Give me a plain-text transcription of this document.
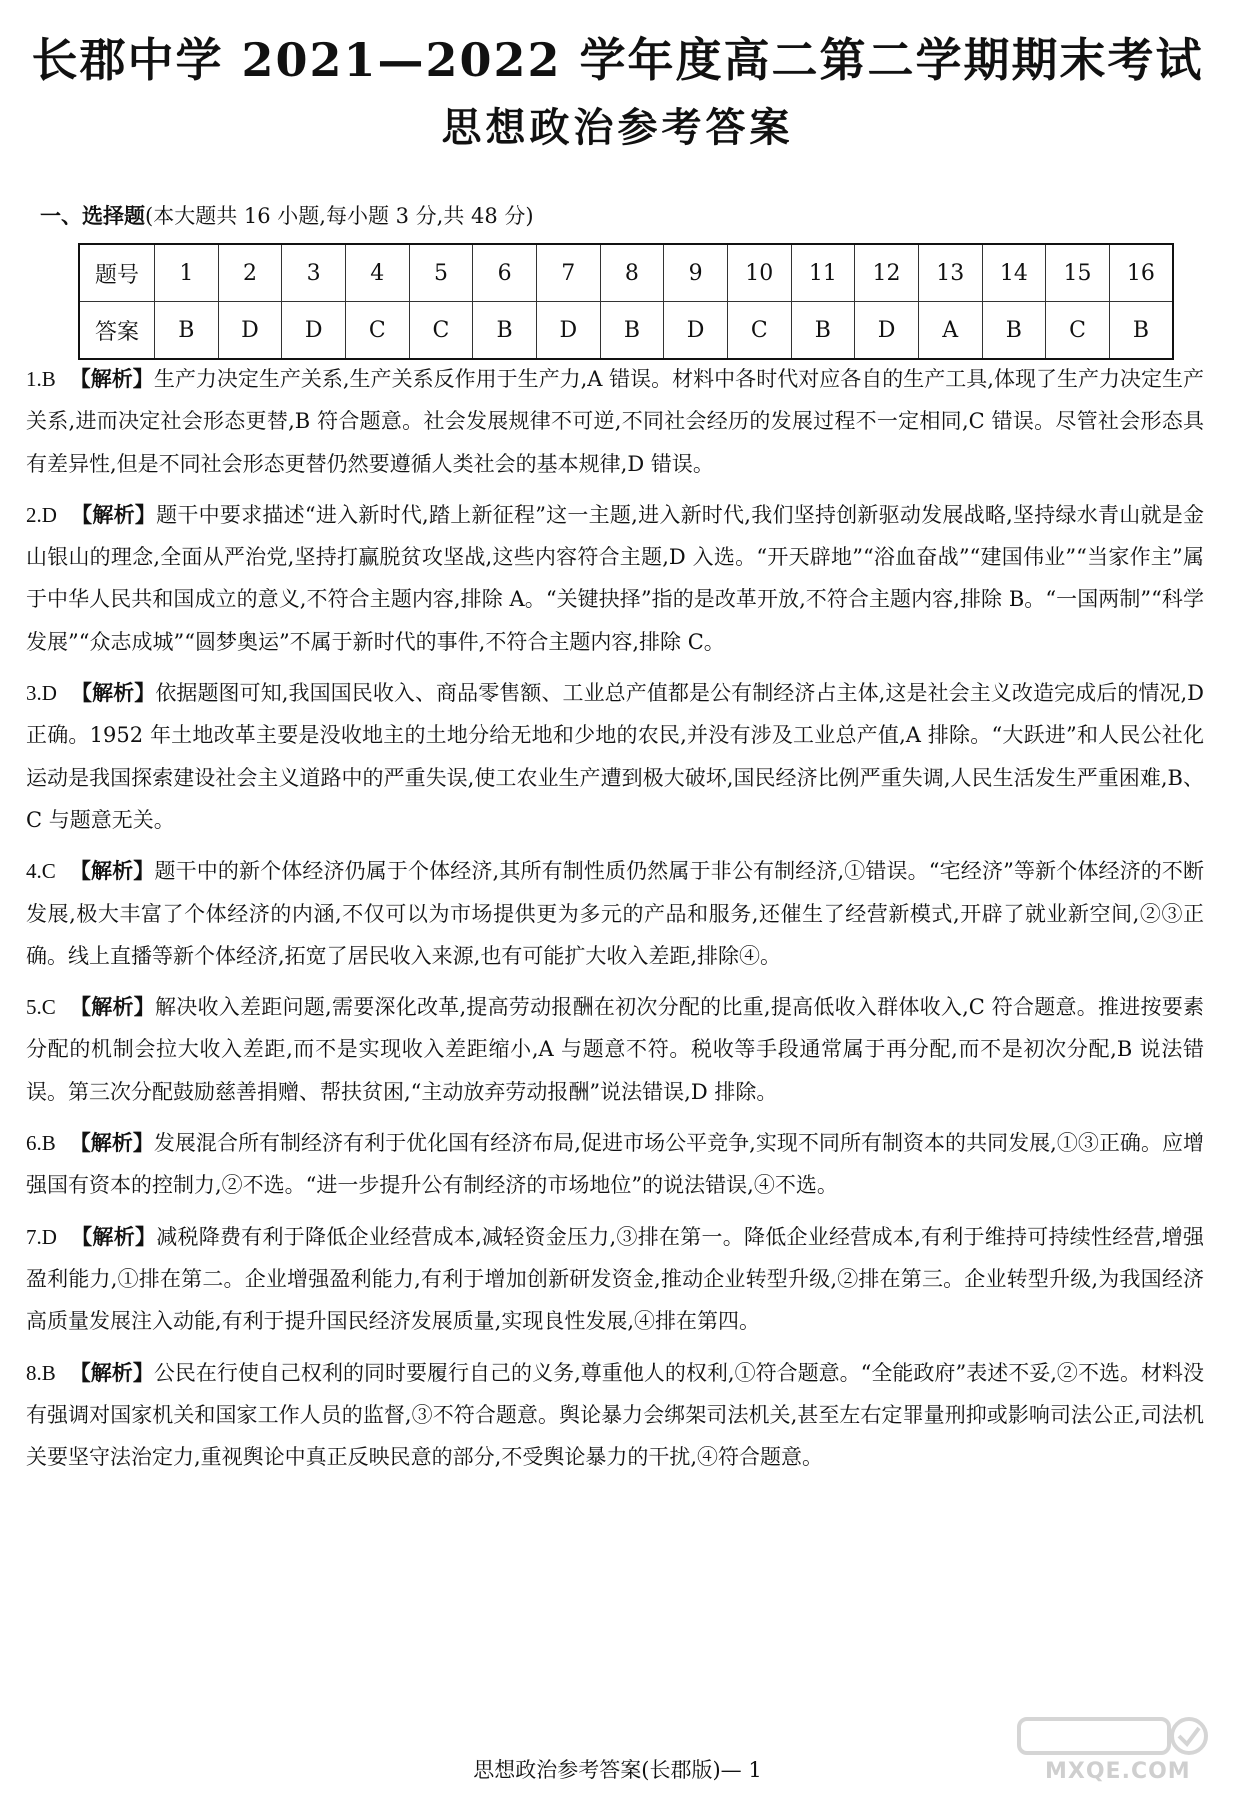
长郡中学 2021—2022 学年度高二第二学期期末考试
思想政治参考答案
一、选择题(本大题共 16 小题,每小题 3 分,共 48 分)
题号	1	2	3	4	5	6	7	8	9	10	11	12	13	14	15	16
答案	B	D	D	C	C	B	D	B	D	C	B	D	A	B	C	B

1.B 【解析】生产力决定生产关系,生产关系反作用于生产力,A 错误。材料中各时代对应各自的生产工具,体现了生产力决定生产关系,进而决定社会形态更替,B 符合题意。社会发展规律不可逆,不同社会经历的发展过程不一定相同,C 错误。尽管社会形态具有差异性,但是不同社会形态更替仍然要遵循人类社会的基本规律,D 错误。

2.D 【解析】题干中要求描述“进入新时代,踏上新征程”这一主题,进入新时代,我们坚持创新驱动发展战略,坚持绿水青山就是金山银山的理念,全面从严治党,坚持打赢脱贫攻坚战,这些内容符合主题,D 入选。“开天辟地”“浴血奋战”“建国伟业”“当家作主”属于中华人民共和国成立的意义,不符合主题内容,排除 A。“关键抉择”指的是改革开放,不符合主题内容,排除 B。“一国两制”“科学发展”“众志成城”“圆梦奥运”不属于新时代的事件,不符合主题内容,排除 C。

3.D 【解析】依据题图可知,我国国民收入、商品零售额、工业总产值都是公有制经济占主体,这是社会主义改造完成后的情况,D 正确。1952 年土地改革主要是没收地主的土地分给无地和少地的农民,并没有涉及工业总产值,A 排除。“大跃进”和人民公社化运动是我国探索建设社会主义道路中的严重失误,使工农业生产遭到极大破坏,国民经济比例严重失调,人民生活发生严重困难,B、C 与题意无关。

4.C 【解析】题干中的新个体经济仍属于个体经济,其所有制性质仍然属于非公有制经济,①错误。“宅经济”等新个体经济的不断发展,极大丰富了个体经济的内涵,不仅可以为市场提供更为多元的产品和服务,还催生了经营新模式,开辟了就业新空间,②③正确。线上直播等新个体经济,拓宽了居民收入来源,也有可能扩大收入差距,排除④。

5.C 【解析】解决收入差距问题,需要深化改革,提高劳动报酬在初次分配的比重,提高低收入群体收入,C 符合题意。推进按要素分配的机制会拉大收入差距,而不是实现收入差距缩小,A 与题意不符。税收等手段通常属于再分配,而不是初次分配,B 说法错误。第三次分配鼓励慈善捐赠、帮扶贫困,“主动放弃劳动报酬”说法错误,D 排除。

6.B 【解析】发展混合所有制经济有利于优化国有经济布局,促进市场公平竞争,实现不同所有制资本的共同发展,①③正确。应增强国有资本的控制力,②不选。“进一步提升公有制经济的市场地位”的说法错误,④不选。

7.D 【解析】减税降费有利于降低企业经营成本,减轻资金压力,③排在第一。降低企业经营成本,有利于维持可持续性经营,增强盈利能力,①排在第二。企业增强盈利能力,有利于增加创新研发资金,推动企业转型升级,②排在第三。企业转型升级,为我国经济高质量发展注入动能,有利于提升国民经济发展质量,实现良性发展,④排在第四。

8.B 【解析】公民在行使自己权利的同时要履行自己的义务,尊重他人的权利,①符合题意。“全能政府”表述不妥,②不选。材料没有强调对国家机关和国家工作人员的监督,③不符合题意。舆论暴力会绑架司法机关,甚至左右定罪量刑抑或影响司法公正,司法机关要坚守法治定力,重视舆论中真正反映民意的部分,不受舆论暴力的干扰,④符合题意。

思想政治参考答案(长郡版)— 1	MXQE.COM
